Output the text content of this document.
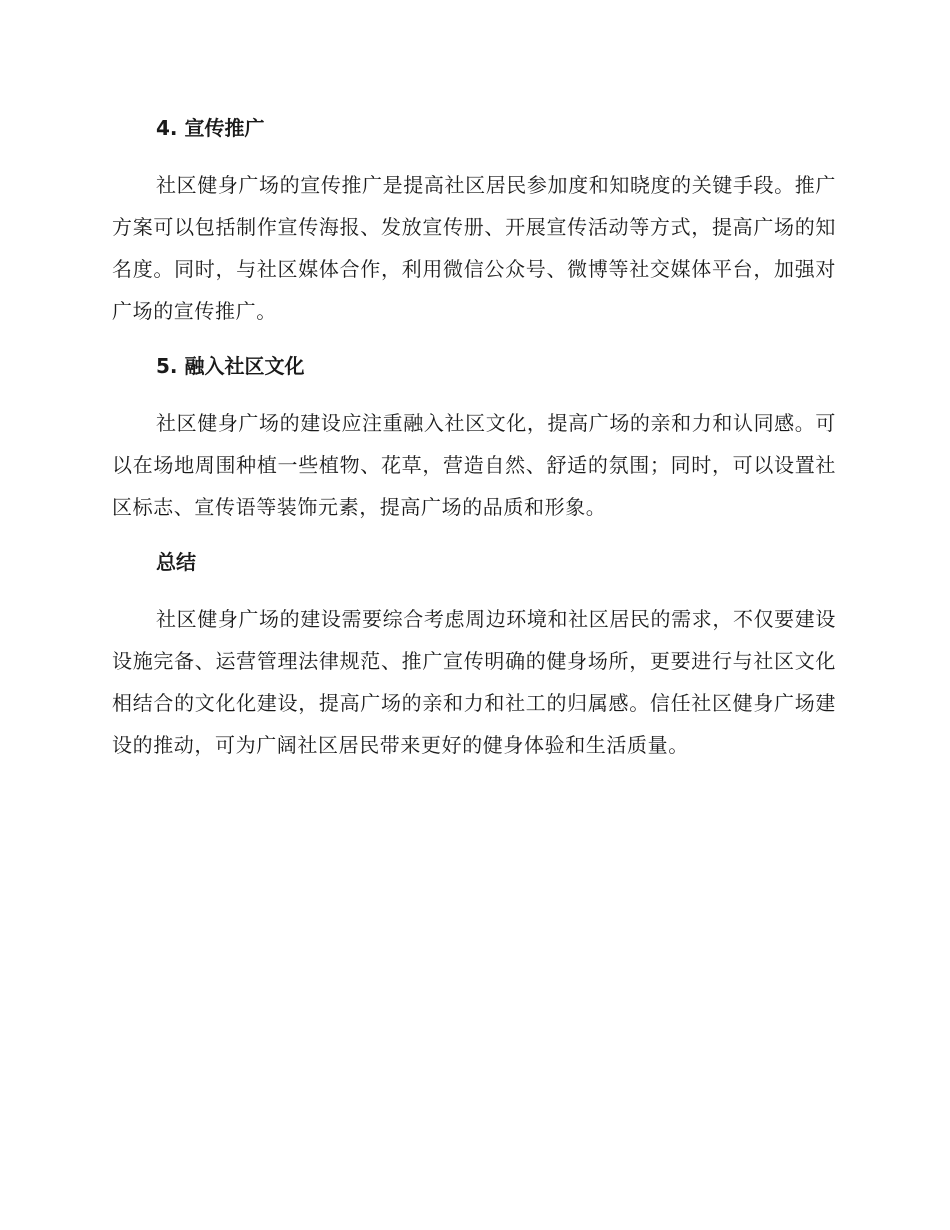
4. 宣传推广

社区健身广场的宣传推广是提高社区居民参加度和知晓度的关键手段。推广方案可以包括制作宣传海报、发放宣传册、开展宣传活动等方式，提高广场的知名度。同时，与社区媒体合作，利用微信公众号、微博等社交媒体平台，加强对广场的宣传推广。

5. 融入社区文化

社区健身广场的建设应注重融入社区文化，提高广场的亲和力和认同感。可以在场地周围种植一些植物、花草，营造自然、舒适的氛围；同时，可以设置社区标志、宣传语等装饰元素，提高广场的品质和形象。

总结

社区健身广场的建设需要综合考虑周边环境和社区居民的需求，不仅要建设设施完备、运营管理法律规范、推广宣传明确的健身场所，更要进行与社区文化相结合的文化化建设，提高广场的亲和力和社工的归属感。信任社区健身广场建设的推动，可为广阔社区居民带来更好的健身体验和生活质量。
